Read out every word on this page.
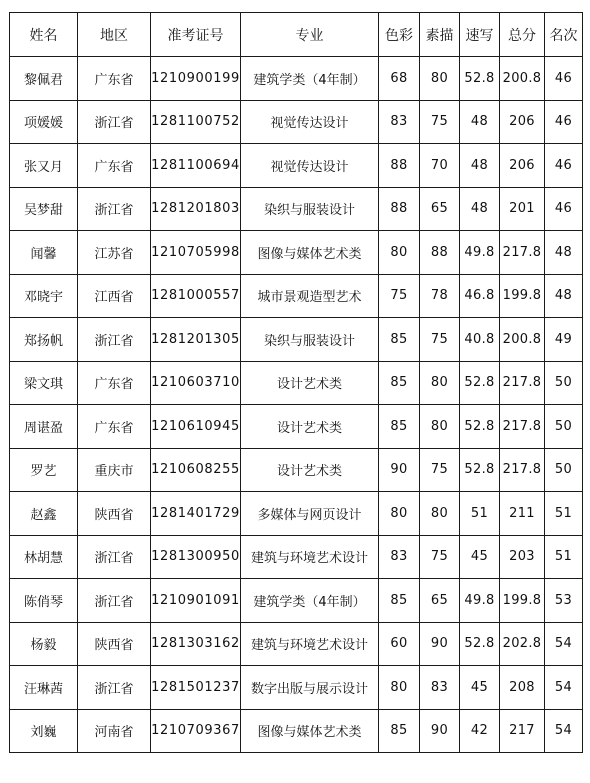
姓名	地区	准考证号	专业	色彩	素描	速写	总分	名次
黎佩君	广东省	1210900199	建筑学类（4年制）	68	80	52.8	200.8	46
项媛媛	浙江省	1281100752	视觉传达设计	83	75	48	206	46
张又月	广东省	1281100694	视觉传达设计	88	70	48	206	46
吴梦甜	浙江省	1281201803	染织与服装设计	88	65	48	201	46
闻馨	江苏省	1210705998	图像与媒体艺术类	80	88	49.8	217.8	48
邓晓宇	江西省	1281000557	城市景观造型艺术	75	78	46.8	199.8	48
郑扬帆	浙江省	1281201305	染织与服装设计	85	75	40.8	200.8	49
梁文琪	广东省	1210603710	设计艺术类	85	80	52.8	217.8	50
周谌盈	广东省	1210610945	设计艺术类	85	80	52.8	217.8	50
罗艺	重庆市	1210608255	设计艺术类	90	75	52.8	217.8	50
赵鑫	陕西省	1281401729	多媒体与网页设计	80	80	51	211	51
林胡慧	浙江省	1281300950	建筑与环境艺术设计	83	75	45	203	51
陈俏琴	浙江省	1210901091	建筑学类（4年制）	85	65	49.8	199.8	53
杨毅	陕西省	1281303162	建筑与环境艺术设计	60	90	52.8	202.8	54
汪琳茜	浙江省	1281501237	数字出版与展示设计	80	83	45	208	54
刘巍	河南省	1210709367	图像与媒体艺术类	85	90	42	217	54
